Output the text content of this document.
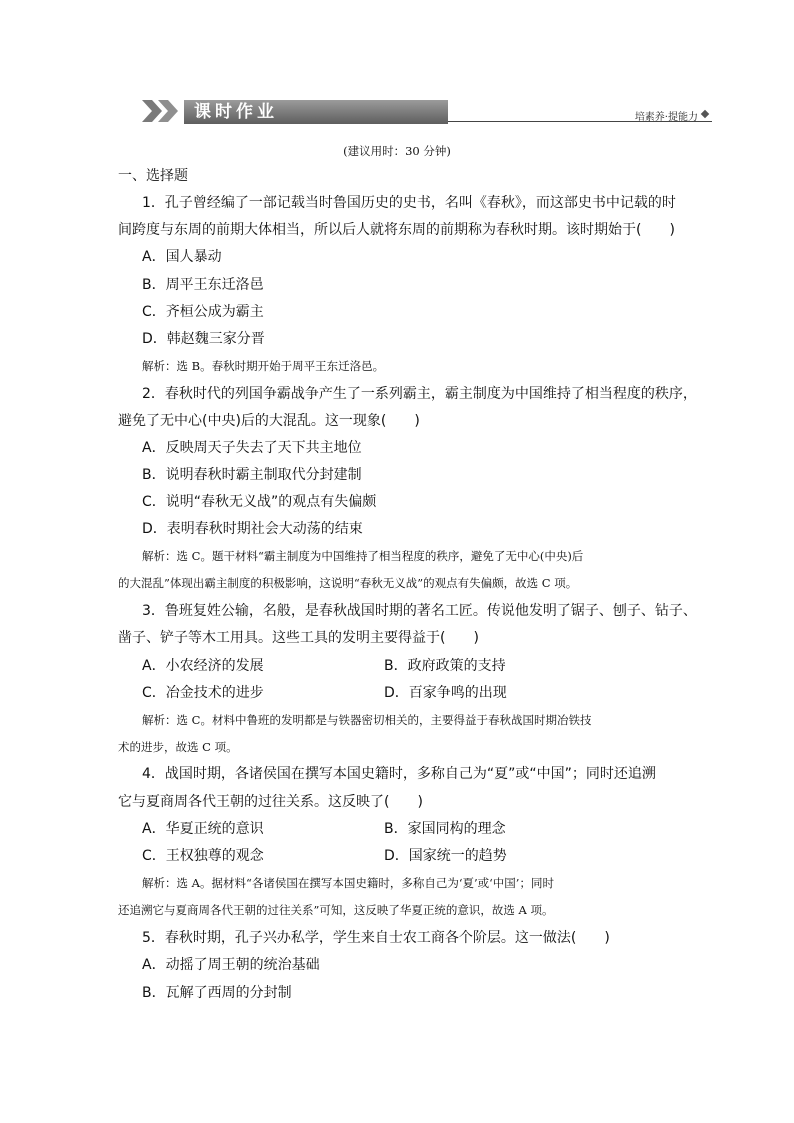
课时作业	培素养·提能力
(建议用时：30 分钟)
一、选择题
1．孔子曾经编了一部记载当时鲁国历史的史书，名叫《春秋》，而这部史书中记载的时
间跨度与东周的前期大体相当，所以后人就将东周的前期称为春秋时期。该时期始于(　　)
A．国人暴动
B．周平王东迁洛邑
C．齐桓公成为霸主
D．韩赵魏三家分晋
解析：选 B。春秋时期开始于周平王东迁洛邑。
2．春秋时代的列国争霸战争产生了一系列霸主，霸主制度为中国维持了相当程度的秩序，
避免了无中心(中央)后的大混乱。这一现象(　　)
A．反映周天子失去了天下共主地位
B．说明春秋时霸主制取代分封建制
C．说明“春秋无义战”的观点有失偏颇
D．表明春秋时期社会大动荡的结束
解析：选 C。题干材料“霸主制度为中国维持了相当程度的秩序，避免了无中心(中央)后
的大混乱”体现出霸主制度的积极影响，这说明“春秋无义战”的观点有失偏颇，故选 C 项。
3．鲁班复姓公输，名般，是春秋战国时期的著名工匠。传说他发明了锯子、刨子、钻子、
凿子、铲子等木工用具。这些工具的发明主要得益于(　　)
A．小农经济的发展	B．政府政策的支持
C．冶金技术的进步	D．百家争鸣的出现
解析：选 C。材料中鲁班的发明都是与铁器密切相关的，主要得益于春秋战国时期冶铁技
术的进步，故选 C 项。
4．战国时期，各诸侯国在撰写本国史籍时，多称自己为“夏”或“中国”；同时还追溯
它与夏商周各代王朝的过往关系。这反映了(　　)
A．华夏正统的意识	B．家国同构的理念
C．王权独尊的观念	D．国家统一的趋势
解析：选 A。据材料“各诸侯国在撰写本国史籍时，多称自己为‘夏’或‘中国’；同时
还追溯它与夏商周各代王朝的过往关系”可知，这反映了华夏正统的意识，故选 A 项。
5．春秋时期，孔子兴办私学，学生来自士农工商各个阶层。这一做法(　　)
A．动摇了周王朝的统治基础
B．瓦解了西周的分封制
